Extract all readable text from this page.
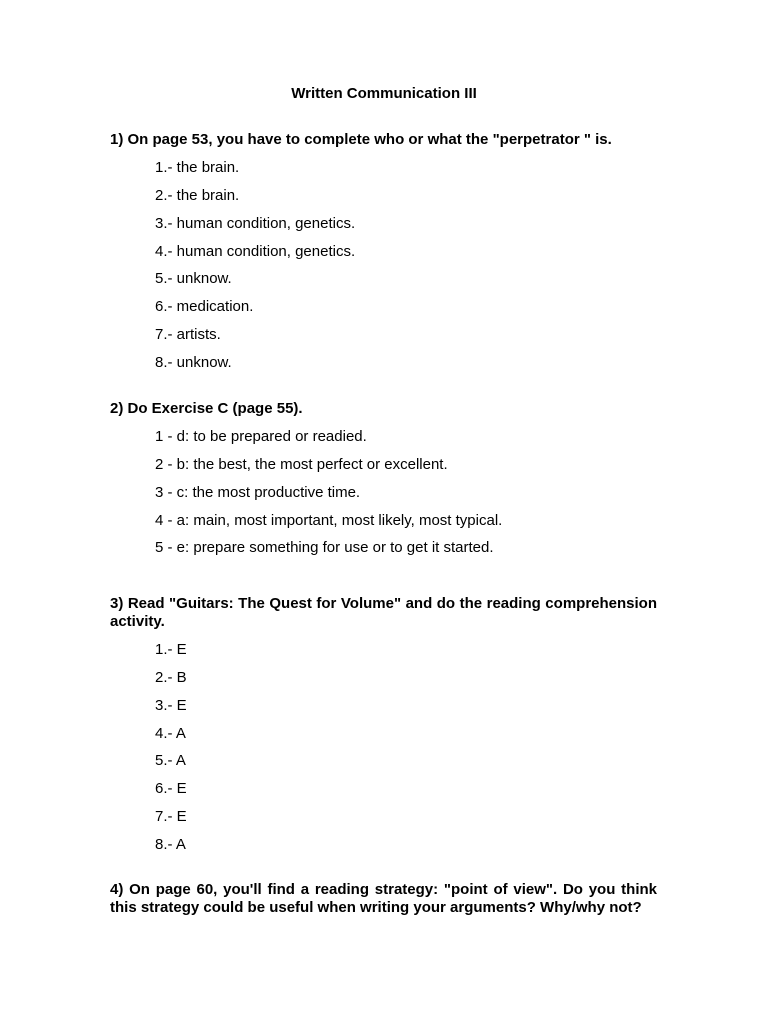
Written Communication III
1) On page 53, you have to complete who or what the "perpetrator " is.
1.- the brain.
2.- the brain.
3.- human condition, genetics.
4.- human condition, genetics.
5.- unknow.
6.- medication.
7.- artists.
8.- unknow.
2) Do Exercise C (page 55).
1 - d: to be prepared or readied.
2 - b: the best, the most perfect or excellent.
3 - c: the most productive time.
4 - a: main, most important, most likely, most typical.
5 - e: prepare something for use or to get it started.
3) Read "Guitars: The Quest for Volume" and do the reading comprehension activity.
1.- E
2.- B
3.- E
4.- A
5.- A
6.- E
7.- E
8.- A
4) On page 60, you'll find a reading strategy: "point of view". Do you think this strategy could be useful when writing your arguments? Why/why not?
